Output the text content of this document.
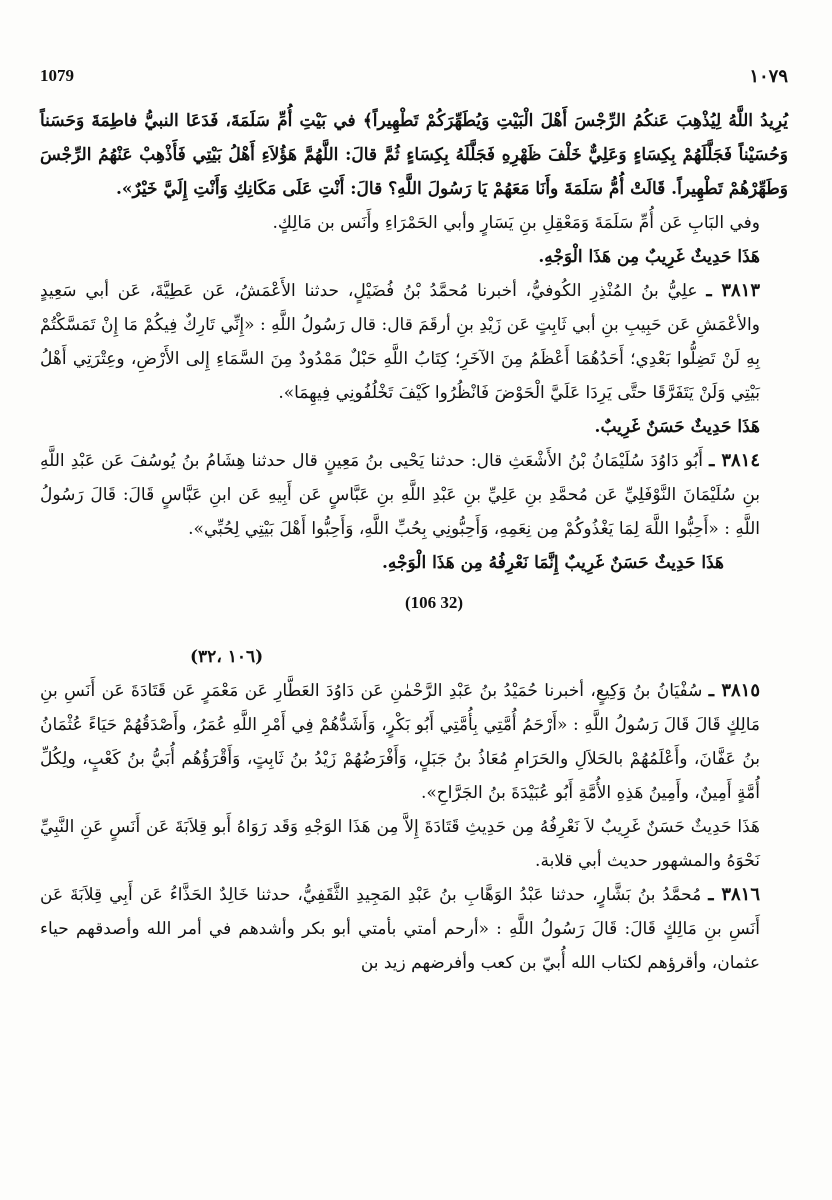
1079	١٠٧٩

يُرِيدُ اللَّهُ لِيُذْهِبَ عَنكُمُ الرِّجْسَ أَهْلَ الْبَيْتِ وَيُطَهِّرَكُمْ تَطْهِيراً﴾ في بَيْتِ أُمِّ سَلَمَةَ، فَدَعَا النبيُّ فاطِمَةَ وَحَسَناً وَحُسَيْناً فَجَلَّلَهُمْ بِكِسَاءٍ وَعَلِيٌّ خَلْفَ ظَهْرِهِ فَجَلَّلَهُ بِكِسَاءٍ ثُمَّ قالَ: اللَّهُمَّ هَؤُلاَءِ أَهْلُ بَيْتِي فَأَذْهِبْ عَنْهُمُ الرِّجْسَ وَطَهِّرْهُمْ تَطْهِيراً. قَالَتْ أُمُّ سَلَمَةَ وأَنَا مَعَهُمْ يَا رَسُولَ اللَّهِ؟ قالَ: أَنْتِ عَلَى مَكَانِكِ وَأَنْتِ إِلَيَّ خَيْرٌ».

وفي البَابِ عَن أُمِّ سَلَمَةَ وَمَعْقِلِ بنِ يَسَارٍ وأبي الحَمْرَاءِ وأَنَس بن مَالِكٍ.

هَذَا حَدِيثٌ غَرِيبٌ مِن هَذَا الْوَجْهِ.

٣٨١٣ ـ علِيُّ بنُ المُنْذِرِ الكُوفيُّ، أخبرنا مُحمَّدُ بْنُ فُضَيْلٍ، حدثنا الأَعْمَشُ، عَن عَطِيَّةَ، عَن أبي سَعِيدٍ والأعْمَشِ عَن حَبِيبِ بنِ أبي ثَابِتٍ عَن زَيْدِ بنِ أرقَمَ قال: قال رَسُولُ اللَّهِ : «إِنِّي تَارِكٌ فِيكُمْ مَا إِنْ تَمَسَّكْتُمْ بِهِ لَنْ تَضِلُّوا بَعْدِي؛ أَحَدُهُمَا أَعْظَمُ مِنَ الآخَرِ؛ كِتَابُ اللَّهِ حَبْلٌ مَمْدُودٌ مِنَ السَّمَاءِ إِلى الأَرْضِ، وعِتْرَتِي أَهْلُ بَيْتِي وَلَنْ يَتَفَرَّقَا حتَّى يَرِدَا عَلَيَّ الْحَوْضَ فَانْظُرُوا كَيْفَ تَخْلُفُونِي فِيهِمَا».

هَذَا حَدِيثٌ حَسَنٌ غَرِيبٌ.

٣٨١٤ ـ أَبُو دَاوُدَ سُلَيْمَانُ بْنُ الأَشْعَثِ قال: حدثنا يَحْيى بنُ مَعِينٍ قال حدثنا هِشَامُ بنُ يُوسُفَ عَن عَبْدِ اللَّهِ بنِ سُلَيْمَانَ النَّوْفَلِيِّ عَن مُحمَّدِ بنِ عَلِيِّ بنِ عَبْدِ اللَّهِ بنِ عَبَّاسٍ عَن أَبِيهِ عَن ابنِ عَبَّاسٍ قَالَ: قَالَ رَسُولُ اللَّهِ : «أَحِبُّوا اللَّهَ لِمَا يَغْذُوكُمْ مِن نِعَمِهِ، وَأَحِبُّونِي بِحُبِّ اللَّهِ، وَأَحِبُّوا أَهْلَ بَيْتِي لِحُبِّي».

هَذَا حَدِيثٌ حَسَنٌ غَرِيبٌ إِنَّمَا نَعْرِفُهُ مِن هَذَا الْوَجْهِ.

(106 32)

(١٠٦ ،٣٢)

٣٨١٥ ـ سُفْيَانُ بنُ وَكِيعٍ، أخبرنا حُمَيْدُ بنُ عَبْدِ الرَّحْمٰنِ عَن دَاوُدَ العَطَّارِ عَن مَعْمَرٍ عَن قَتَادَةَ عَن أَنَسِ بنِ مَالِكٍ قَالَ قَالَ رَسُولُ اللَّهِ : «أَرْحَمُ أُمَّتِي بِأُمَّتِي أَبُو بَكْرٍ، وَأَشَدُّهُمْ فِي أَمْرِ اللَّهِ عُمَرُ، وأَصْدَقُهُمْ حَيَاءً عُثْمَانُ بنُ عَفَّانَ، وأَعْلَمُهُمْ بالحَلاَلِ والحَرَامِ مُعَاذُ بنُ جَبَلٍ، وَأَفْرَضُهُمْ زَيْدُ بنُ ثَابِتٍ، وَأَقْرَؤُهُم أُبَيُّ بنُ كَعْبٍ، ولِكُلِّ أُمَّةٍ أَمِينٌ، وأَمِينُ هَذِهِ الأُمَّةِ أَبُو عُبَيْدَةَ بنُ الجَرَّاحِ».

هَذَا حَدِيثٌ حَسَنٌ غَرِيبٌ لاَ نَعْرِفُهُ مِن حَدِيثِ قَتَادَةَ إِلاَّ مِن هَذَا الوَجْهِ وَقَد رَوَاهُ أَبو قِلاَبَةَ عَن أَنَسٍ عَنِ النَّبِيِّ نَحْوَهُ والمشهور حديث أبي قلابة.

٣٨١٦ ـ مُحمَّدُ بنُ بَشَّارٍ، حدثنا عَبْدُ الوَهَّابِ بنُ عَبْدِ المَجِيدِ الثَّقَفِيُّ، حدثنا خَالِدٌ الحَذَّاءُ عَن أَبِي قِلاَبَةَ عَن أَنَسِ بنِ مَالِكٍ قَالَ: قَالَ رَسُولُ اللَّهِ : «أرحم أمتي بأمتي أبو بكر وأشدهم في أمر الله وأصدقهم حياء عثمان، وأقرؤهم لكتاب الله أُبيّ بن كعب وأفرضهم زيد بن
